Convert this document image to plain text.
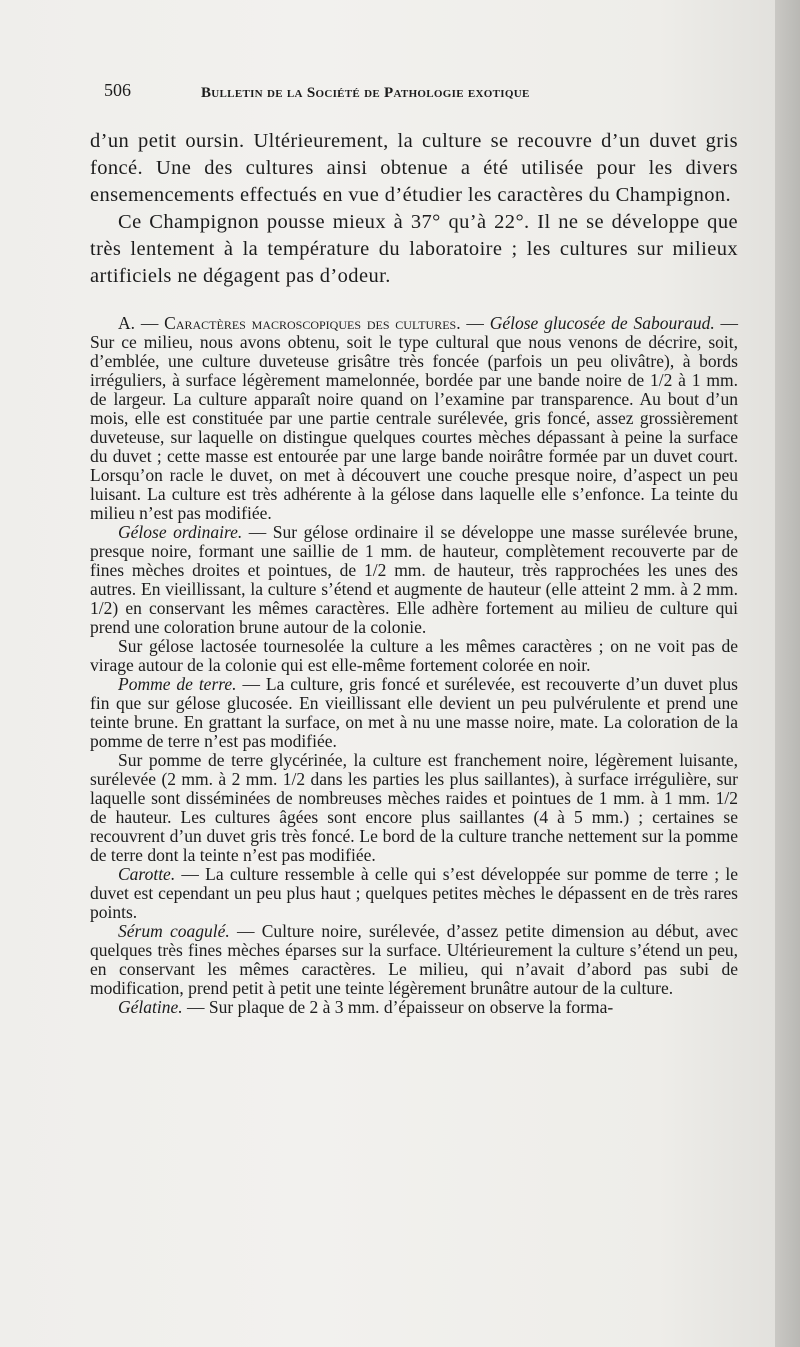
506	Bulletin de la Société de Pathologie exotique

d’un petit oursin. Ultérieurement, la culture se recouvre d’un duvet gris foncé. Une des cultures ainsi obtenue a été utilisée pour les divers ensemencements effectués en vue d’étudier les caractères du Champignon.

Ce Champignon pousse mieux à 37° qu’à 22°. Il ne se développe que très lentement à la température du laboratoire ; les cultures sur milieux artificiels ne dégagent pas d’odeur.

A. — Caractères macroscopiques des cultures. — Gélose glucosée de Sabouraud. — Sur ce milieu, nous avons obtenu, soit le type cultural que nous venons de décrire, soit, d’emblée, une culture duveteuse grisâtre très foncée (parfois un peu olivâtre), à bords irréguliers, à surface légèrement mamelonnée, bordée par une bande noire de 1/2 à 1 mm. de largeur. La culture apparaît noire quand on l’examine par transparence. Au bout d’un mois, elle est constituée par une partie centrale surélevée, gris foncé, assez grossièrement duveteuse, sur laquelle on distingue quelques courtes mèches dépassant à peine la surface du duvet ; cette masse est entourée par une large bande noirâtre formée par un duvet court. Lorsqu’on racle le duvet, on met à découvert une couche presque noire, d’aspect un peu luisant. La culture est très adhérente à la gélose dans laquelle elle s’enfonce. La teinte du milieu n’est pas modifiée.

Gélose ordinaire. — Sur gélose ordinaire il se développe une masse surélevée brune, presque noire, formant une saillie de 1 mm. de hauteur, complètement recouverte par de fines mèches droites et pointues, de 1/2 mm. de hauteur, très rapprochées les unes des autres. En vieillissant, la culture s’étend et augmente de hauteur (elle atteint 2 mm. à 2 mm. 1/2) en conservant les mêmes caractères. Elle adhère fortement au milieu de culture qui prend une coloration brune autour de la colonie.

Sur gélose lactosée tournesolée la culture a les mêmes caractères ; on ne voit pas de virage autour de la colonie qui est elle-même fortement colorée en noir.

Pomme de terre. — La culture, gris foncé et surélevée, est recouverte d’un duvet plus fin que sur gélose glucosée. En vieillissant elle devient un peu pulvérulente et prend une teinte brune. En grattant la surface, on met à nu une masse noire, mate. La coloration de la pomme de terre n’est pas modifiée.

Sur pomme de terre glycérinée, la culture est franchement noire, légèrement luisante, surélevée (2 mm. à 2 mm. 1/2 dans les parties les plus saillantes), à surface irrégulière, sur laquelle sont disséminées de nombreuses mèches raides et pointues de 1 mm. à 1 mm. 1/2 de hauteur. Les cultures âgées sont encore plus saillantes (4 à 5 mm.) ; certaines se recouvrent d’un duvet gris très foncé. Le bord de la culture tranche nettement sur la pomme de terre dont la teinte n’est pas modifiée.

Carotte. — La culture ressemble à celle qui s’est développée sur pomme de terre ; le duvet est cependant un peu plus haut ; quelques petites mèches le dépassent en de très rares points.

Sérum coagulé. — Culture noire, surélevée, d’assez petite dimension au début, avec quelques très fines mèches éparses sur la surface. Ultérieurement la culture s’étend un peu, en conservant les mêmes caractères. Le milieu, qui n’avait d’abord pas subi de modification, prend petit à petit une teinte légèrement brunâtre autour de la culture.

Gélatine. — Sur plaque de 2 à 3 mm. d’épaisseur on observe la forma-
